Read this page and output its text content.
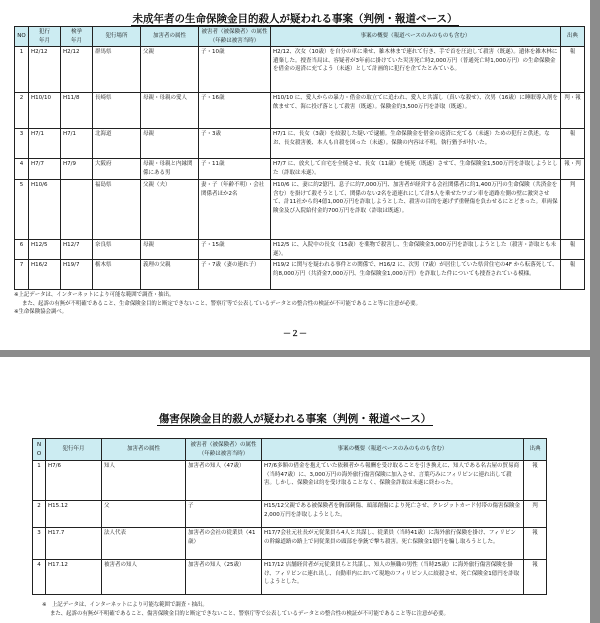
未成年者の生命保険金目的殺人が疑われる事案（判例・報道ベース）
NO	犯行
年月	検挙
年月	犯行場所	加害者の属性	被害者（被保険者）の属性
（年齢は被害当時）	事案の概要（報道ベースのみのものも含む）	出典
1	H2/12	H2/12	群馬県	父親	子・10歳	H2/12、次女（10歳）を自分の車に乗せ、雑木林まで連れて行き、手で首を圧迫して殺害（既遂）。遺体を雑木林に遺棄した。捜査当局は、容疑者が3年前に掛けていた災害死亡時2,000万円（普通死亡時1,000万円）の生命保険金を借金の返済に充てよう（未遂）として計画的に犯行を企てたとみている。	報
2	H10/10	H11/8	長崎県	母親・母親の愛人	子・16歳	H10/10 に、愛人からの暴力・借金の取立てに追われ、愛人と共謀し（真いな殺せ）、次男（16歳）に睡眠導入剤を飲ませて、海に投げ落として殺害（既遂）。保険金約3,500万円を詐取（既遂）。	判・報
3	H7/1	H7/1	北海道	母親	子・3歳	H7/1 に、長女（3歳）を絞殺した疑いで逮捕。生命保険金を借金の返済に充てる（未遂）ための犯行と供述。なお、長女殺害後、本人も自殺を図った（未遂）。保険の内容は不明。執行猶予が付いた。	報
4	H7/7	H7/9	大阪府	母親・母親と内縁関係にある男	子・11歳	H7/7 に、放火して自宅を全焼させ、長女（11歳）を焼死（既遂）させて、生命保険金1,500万円を詐取しようとした（詐取は未遂）。	報・判
5	H10/6		福島県	父親（夫）	妻・子（年齢不明）・会社関係者ほか2名	H10/6 に、妻に約2億円、息子に約7,000万円、加害者が経営する会社関係者に約1,400万円の生命保険（共済金を含む）を掛けて殺そうとして、関係のない2名を道連れにして計5人を乗せたワゴン車を道路左側の壁に激突させて、計11社から約4億1,000万円を詐取しようとした、殺害の目的を遂げず重軽傷を負わせるにとどまった。車両保険金及び入院給付金約700万円を詐取（詐取は既遂）。	判
6	H12/5	H12/7	奈良県	母親	子・15歳	H12/5 に、入院中の長女（15歳）を薬物で殺害し、生命保険金3,000万円を詐取しようとした（殺害・詐取とも未遂）。	報
7	H16/2	H19/7	栃木県	義理の父親	子・7歳（妻の連れ子）	H19/2 に関与を疑われる事件との関係で、H16/2 に、次男（7歳）が居住していた県営住宅の4F から転落死して、約8,000万円（共済金7,000万円、生命保険金1,000万円）を詐取した件についても捜査されている模様。	報
※上記データは、インターネットにより可能な範囲で調査・抽出。
また、起訴の有無が不明確であること、生命保険金目的と断定できないこと、警察庁等で公表しているデータとの整合性の検証が不可能であること等に注意が必要。
※生命保険協会調べ。
－２－
傷害保険金目的殺人が疑われる事案（判例・報道ベース）
NO	犯行年月	加害者の属性	被害者（被保険者）の属性
（年齢は被害当時）	事案の概要（報道ベースのみのものも含む）	出典
1	H7/6	知人	加害者の知人（47歳）	H7/6多額の借金を抱えていた依頼者から報酬を受け取ることを引き換えに、知人である名古屋の貿易商（当時47歳）に、3,000万円の海外旅行傷害保険に加入させ、言葉巧みにフィリピンに連れ出して殺害。しかし、保険金は約を受け取ることなく、保険金詐取は未遂に終わった。	報
2	H15.12	父	子	H15/12父親である被保険者を胸部刺傷、頭部創傷により死亡させ、クレジットカード付帯の傷害保険金2,000万円を詐取しようとした。	判
3	H17.7	法人代表	加害者の会社の従業員（41歳）	H17/7会社元社長が元従業員ら4人と共謀し、従業員（当時41歳）に海外旅行保険を掛け、フィリピンの幹線道路の路上で同従業員の頭部を拳銃で撃ち殺害。死亡保険金1億円を騙し取ろうとした。	報
4	H17.12	被害者の知人	加害者の知人（25歳）	H17/12 店舗経営者が元従業員らと共謀し、知人の無職の男性（当時25歳）に海外旅行傷害保険を掛け、フィリピンに連れ出し、自動車内において現地のフィリピン人に絞殺させ、死亡保険金1億円を詐取しようとした。	報
※　上記データは、インターネットにより可能な範囲で調査・抽出。
また、起訴の有無が不明確であること、傷害保険金目的と断定できないこと、警察庁等で公表しているデータとの整合性の検証が不可能であること等に注意が必要。
